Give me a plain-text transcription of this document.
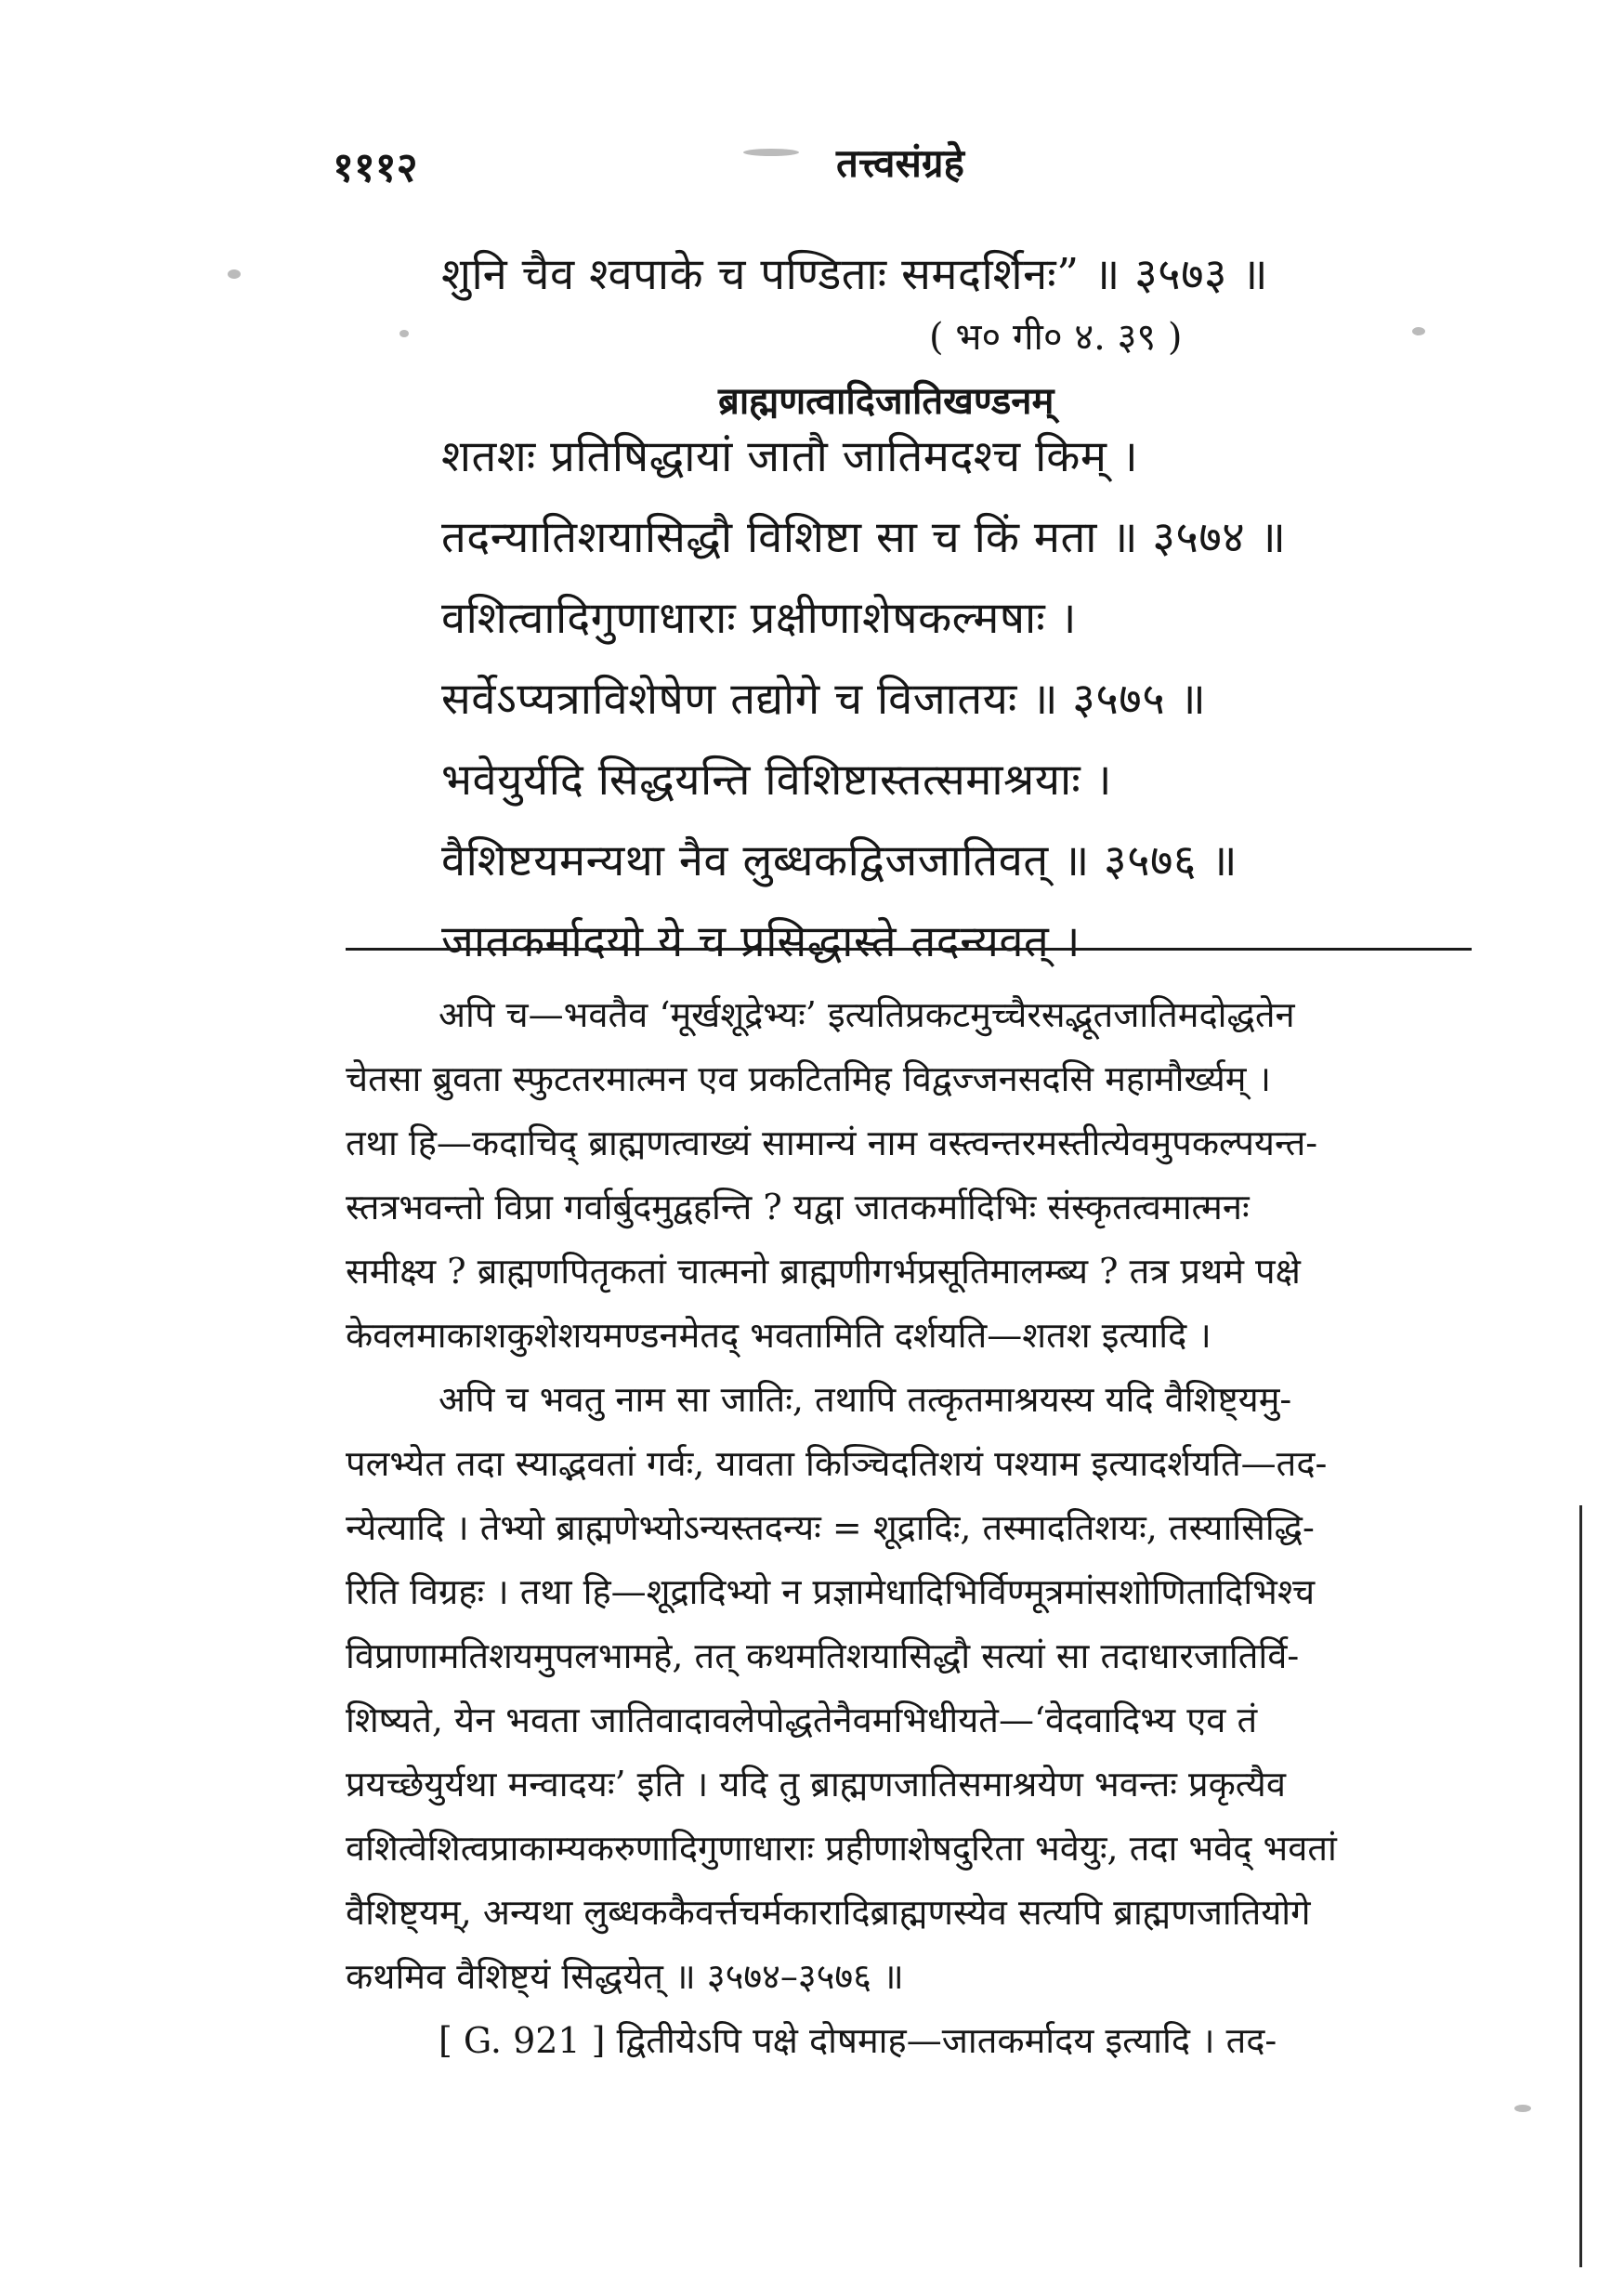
१११२	तत्त्वसंग्रहे
शुनि चैव श्वपाके च पण्डिताः समदर्शिनः” ॥ ३५७३ ॥
( भ० गी० ४. ३९ )
ब्राह्मणत्वादिजातिखण्डनम्
शतशः प्रतिषिद्धायां जातौ जातिमदश्च किम् ।
तदन्यातिशयासिद्धौ विशिष्टा सा च किं मता ॥ ३५७४ ॥
वशित्वादिगुणाधाराः प्रक्षीणाशेषकल्मषाः ।
सर्वेऽप्यत्राविशेषेण तद्योगे च विजातयः ॥ ३५७५ ॥
भवेयुर्यदि सिद्धयन्ति विशिष्टास्तत्समाश्रयाः ।
वैशिष्टयमन्यथा नैव लुब्धकद्विजजातिवत् ॥ ३५७६ ॥
जातकर्मादयो ये च प्रसिद्धास्ते तदन्यवत् ।
अपि च—भवतैव ‘मूर्खशूद्रेभ्यः’ इत्यतिप्रकटमुच्चैरसद्भूतजातिमदोद्धतेन
चेतसा ब्रुवता स्फुटतरमात्मन एव प्रकटितमिह विद्वज्जनसदसि महामौर्ख्यम् ।
तथा हि—कदाचिद् ब्राह्मणत्वाख्यं सामान्यं नाम वस्त्वन्तरमस्तीत्येवमुपकल्पयन्त-
स्तत्रभवन्तो विप्रा गर्वार्बुदमुद्वहन्ति ? यद्वा जातकर्मादिभिः संस्कृतत्वमात्मनः
समीक्ष्य ? ब्राह्मणपितृकतां चात्मनो ब्राह्मणीगर्भप्रसूतिमालम्ब्य ? तत्र प्रथमे पक्षे
केवलमाकाशकुशेशयमण्डनमेतद् भवतामिति दर्शयति—शतश इत्यादि ।
अपि च भवतु नाम सा जातिः, तथापि तत्कृतमाश्रयस्य यदि वैशिष्ट्यमु-
पलभ्येत तदा स्याद्भवतां गर्वः, यावता किञ्चिदतिशयं पश्याम इत्यादर्शयति—तद-
न्येत्यादि । तेभ्यो ब्राह्मणेभ्योऽन्यस्तदन्यः = शूद्रादिः, तस्मादतिशयः, तस्यासिद्धि-
रिति विग्रहः । तथा हि—शूद्रादिभ्यो न प्रज्ञामेधादिभिर्विण्मूत्रमांसशोणितादिभिश्च
विप्राणामतिशयमुपलभामहे, तत् कथमतिशयासिद्धौ सत्यां सा तदाधारजातिर्वि-
शिष्यते, येन भवता जातिवादावलेपोद्धतेनैवमभिधीयते—‘वेदवादिभ्य एव तं
प्रयच्छेयुर्यथा मन्वादयः’ इति । यदि तु ब्राह्मणजातिसमाश्रयेण भवन्तः प्रकृत्यैव
वशित्वेशित्वप्राकाम्यकरुणादिगुणाधाराः प्रहीणाशेषदुरिता भवेयुः, तदा भवेद् भवतां
वैशिष्ट्यम्, अन्यथा लुब्धककैवर्त्तचर्मकारादिब्राह्मणस्येव सत्यपि ब्राह्मणजातियोगे
कथमिव वैशिष्ट्यं सिद्धयेत् ॥ ३५७४–३५७६ ॥
[ G. 921 ] द्वितीयेऽपि पक्षे दोषमाह—जातकर्मादय इत्यादि । तद-
